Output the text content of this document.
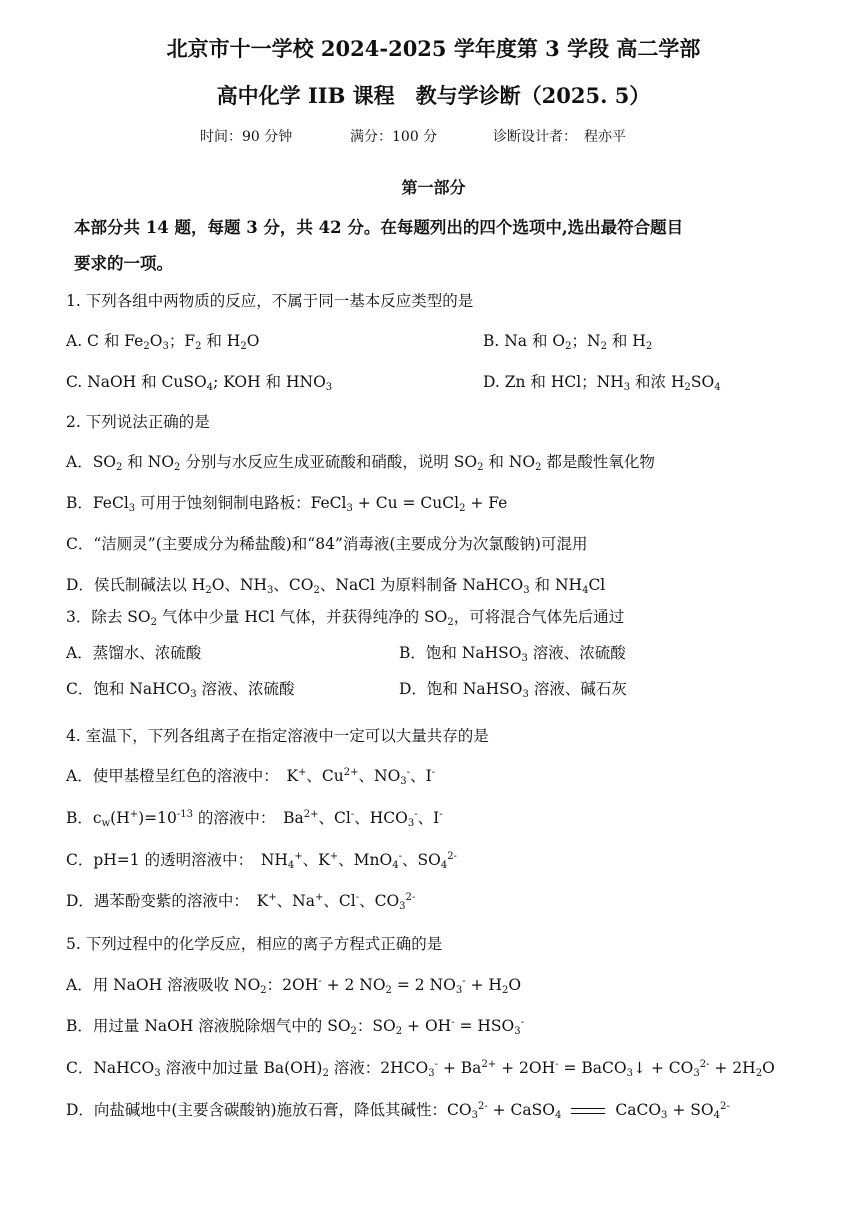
北京市十一学校 2024-2025 学年度第 3 学段 高二学部
高中化学 IIB 课程　教与学诊断（2025. 5）
时间：90 分钟	满分：100 分	诊断设计者：　程亦平
第一部分
本部分共 14 题，每题 3 分，共 42 分。在每题列出的四个选项中,选出最符合题目
要求的一项。
1. 下列各组中两物质的反应，不属于同一基本反应类型的是
A. C 和 $Fe_2O_3$；$F_2$ 和 $H_2O$	B. Na 和 $O_2$；$N_2$ 和 $H_2$
C. NaOH 和 CuSO$_4$; KOH 和 $HNO_3$	D. Zn 和 HCl；$NH_3$ 和浓 $H_2SO_4$
2. 下列说法正确的是
A．$SO_2$ 和 $NO_2$ 分别与水反应生成亚硫酸和硝酸，说明 $SO_2$ 和 $NO_2$ 都是酸性氧化物
B．FeCl$_3$ 可用于蚀刻铜制电路板：FeCl$_3$ + Cu = CuCl$_2$ + Fe
C．“洁厕灵”(主要成分为稀盐酸)和“84”消毒液(主要成分为次氯酸钠)可混用
D．侯氏制碱法以 $H_2O$、$NH_3$、$CO_2$、NaCl 为原料制备 NaHCO$_3$ 和 $NH_4Cl$
3．除去 $SO_2$ 气体中少量 HCl 气体，并获得纯净的 $SO_2$，可将混合气体先后通过
A．蒸馏水、浓硫酸	B．饱和 NaHSO$_3$ 溶液、浓硫酸
C．饱和 NaHCO$_3$ 溶液、浓硫酸	D．饱和 NaHSO$_3$ 溶液、碱石灰
4. 室温下，下列各组离子在指定溶液中一定可以大量共存的是
A．使甲基橙呈红色的溶液中：　K+、$Cu^{2+}$、$NO_3^-$、I-
B．$c_w(H^+)=10^{-13}$ 的溶液中：　$Ba^{2+}$、Cl-、$HCO_3^-$、I-
C．pH=1 的透明溶液中：　$NH_4^+$、K+、MnO$_4$-、$SO_4^{2-}$
D．遇苯酚变紫的溶液中：　K+、Na+、Cl-、$CO_3^{2-}$
5. 下列过程中的化学反应，相应的离子方程式正确的是
A．用 NaOH 溶液吸收 $NO_2$：2OH- + 2 $NO_2 = 2$ $NO_3^- + H_2O$
B．用过量 NaOH 溶液脱除烟气中的 $SO_2$：$SO_2 + OH^- = HSO_3^-$
C．NaHCO$_3$ 溶液中加过量 $Ba(OH)_2$ 溶液：$2HCO_3^- + Ba^{2+} + 2OH^-$ = BaCO$_3$↓ + $CO_3^{2-} + 2H_2O$
D．向盐碱地中(主要含碳酸钠)施放石膏，降低其碱性：$CO_3^{2-}$ + CaSO$_4$	CaCO$_3$ + $SO_4^{2-}$
